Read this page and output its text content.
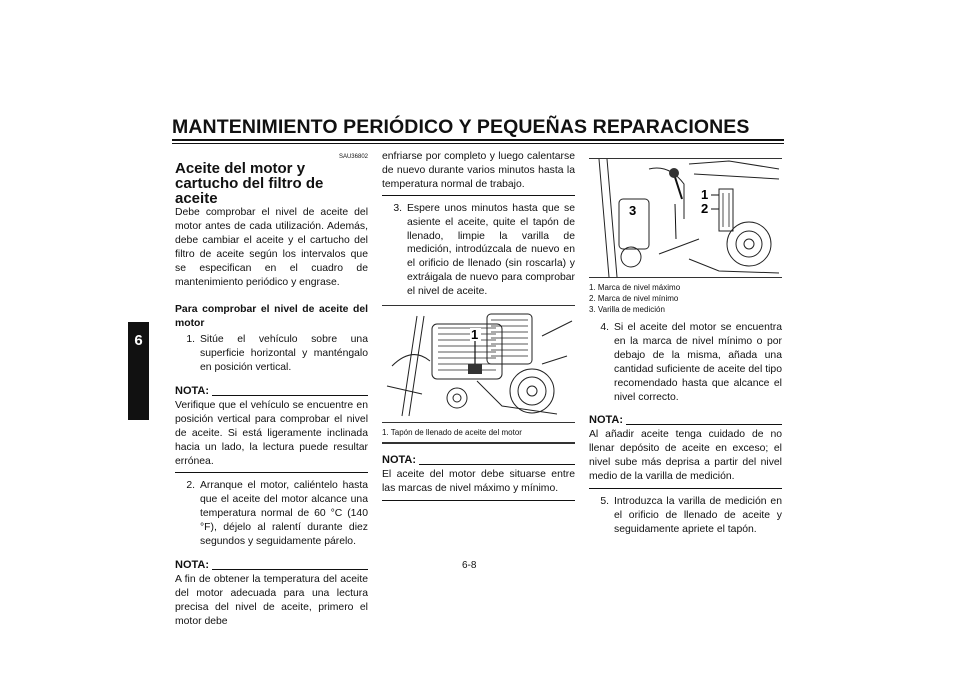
MANTENIMIENTO PERIÓDICO Y PEQUEÑAS REPARACIONES
6
SAU36802
Aceite del motor y cartucho del filtro de aceite

Debe comprobar el nivel de aceite del motor antes de cada utilización. Además, debe cambiar el aceite y el cartucho del filtro de aceite según los intervalos que se especifican en el cuadro de mantenimiento periódico y engrase.

Para comprobar el nivel de aceite del motor

1. Sitúe el vehículo sobre una superficie horizontal y manténgalo en posición vertical.
NOTA:

Verifique que el vehículo se encuentre en posición vertical para comprobar el nivel de aceite. Si está ligeramente inclinada hacia un lado, la lectura puede resultar errónea.

2. Arranque el motor, caliéntelo hasta que el aceite del motor alcance una temperatura normal de 60 °C (140 °F), déjelo al ralentí durante diez segundos y seguidamente párelo.
NOTA:

A fin de obtener la temperatura del aceite del motor adecuada para una lectura precisa del nivel de aceite, primero el motor debe

enfriarse por completo y luego calentarse de nuevo durante varios minutos hasta la temperatura normal de trabajo.

3. Espere unos minutos hasta que se asiente el aceite, quite el tapón de llenado, limpie la varilla de medición, introdúzcala de nuevo en el orificio de llenado (sin roscarla) y extráigala de nuevo para comprobar el nivel de aceite.
1
1. Tapón de llenado de aceite del motor
NOTA:

El aceite del motor debe situarse entre las marcas de nivel máximo y mínimo.

1
2
3
1. Marca de nivel máximo
2. Marca de nivel mínimo
3. Varilla de medición
4. Si el aceite del motor se encuentra en la marca de nivel mínimo o por debajo de la misma, añada una cantidad suficiente de aceite del tipo recomendado hasta que alcance el nivel correcto.
NOTA:

Al añadir aceite tenga cuidado de no llenar depósito de aceite en exceso; el nivel sube más deprisa a partir del nivel medio de la varilla de medición.

5. Introduzca la varilla de medición en el orificio de llenado de aceite y seguidamente apriete el tapón.
6-8
